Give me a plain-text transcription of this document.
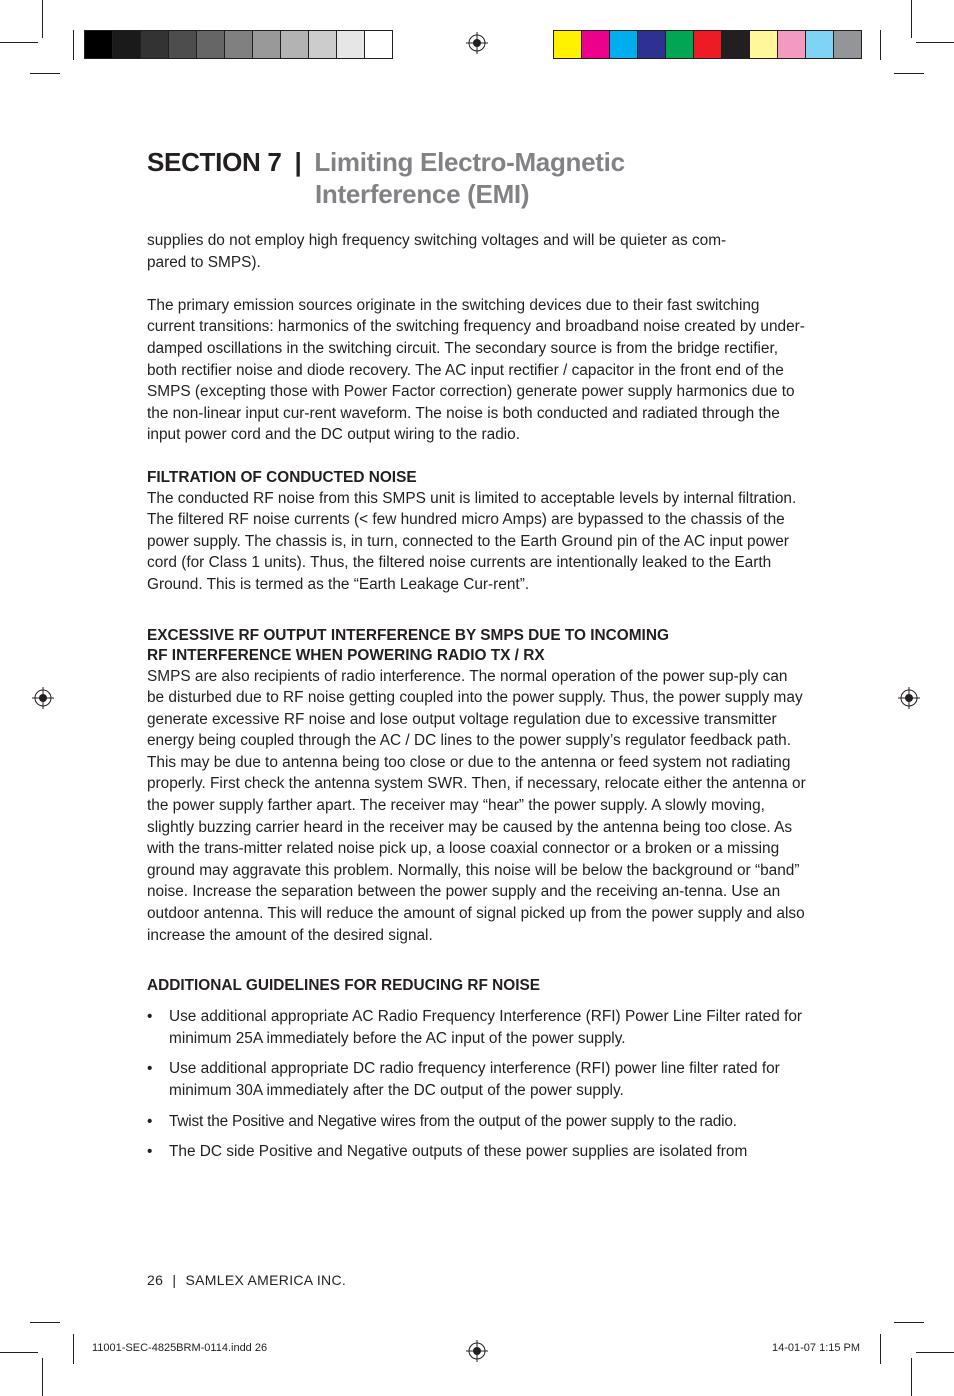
SECTION 7 | Limiting Electro-Magnetic
Interference (EMI)

supplies do not employ high frequency switching voltages and will be quieter as com-
pared to SMPS).

The primary emission sources originate in the switching devices due to their fast switching current transitions: harmonics of the switching frequency and broadband noise created by under-damped oscillations in the switching circuit. The secondary source is from the bridge rectifier, both rectifier noise and diode recovery. The AC input rectifier / capacitor in the front end of the SMPS (excepting those with Power Factor correction) generate power supply harmonics due to the non-linear input cur-rent waveform. The noise is both conducted and radiated through the input power cord and the DC output wiring to the radio.

FILTRATION OF CONDUCTED NOISE

The conducted RF noise from this SMPS unit is limited to acceptable levels by internal filtration. The filtered RF noise currents (< few hundred micro Amps) are bypassed to the chassis of the power supply. The chassis is, in turn, connected to the Earth Ground pin of the AC input power cord (for Class 1 units). Thus, the filtered noise currents are intentionally leaked to the Earth Ground. This is termed as the “Earth Leakage Cur-rent”.

EXCESSIVE RF OUTPUT INTERFERENCE BY SMPS DUE TO INCOMING
RF INTERFERENCE WHEN POWERING RADIO TX / RX

SMPS are also recipients of radio interference. The normal operation of the power sup-ply can be disturbed due to RF noise getting coupled into the power supply. Thus, the power supply may generate excessive RF noise and lose output voltage regulation due to excessive transmitter energy being coupled through the AC / DC lines to the power supply’s regulator feedback path. This may be due to antenna being too close or due to the antenna or feed system not radiating properly. First check the antenna system SWR. Then, if necessary, relocate either the antenna or the power supply farther apart. The receiver may “hear” the power supply. A slowly moving, slightly buzzing carrier heard in the receiver may be caused by the antenna being too close. As with the trans-mitter related noise pick up, a loose coaxial connector or a broken or a missing ground may aggravate this problem. Normally, this noise will be below the background or “band” noise. Increase the separation between the power supply and the receiving an-tenna. Use an outdoor antenna. This will reduce the amount of signal picked up from the power supply and also increase the amount of the desired signal.

ADDITIONAL GUIDELINES FOR REDUCING RF NOISE
• Use additional appropriate AC Radio Frequency Interference (RFI) Power Line Filter rated for minimum 25A immediately before the AC input of the power supply.
• Use additional appropriate DC radio frequency interference (RFI) power line filter rated for minimum 30A immediately after the DC output of the power supply.
• Twist the Positive and Negative wires from the output of the power supply to the radio.
• The DC side Positive and Negative outputs of these power supplies are isolated from
26 | SAMLEX AMERICA INC.
11001-SEC-4825BRM-0114.indd 26	14-01-07 1:15 PM
